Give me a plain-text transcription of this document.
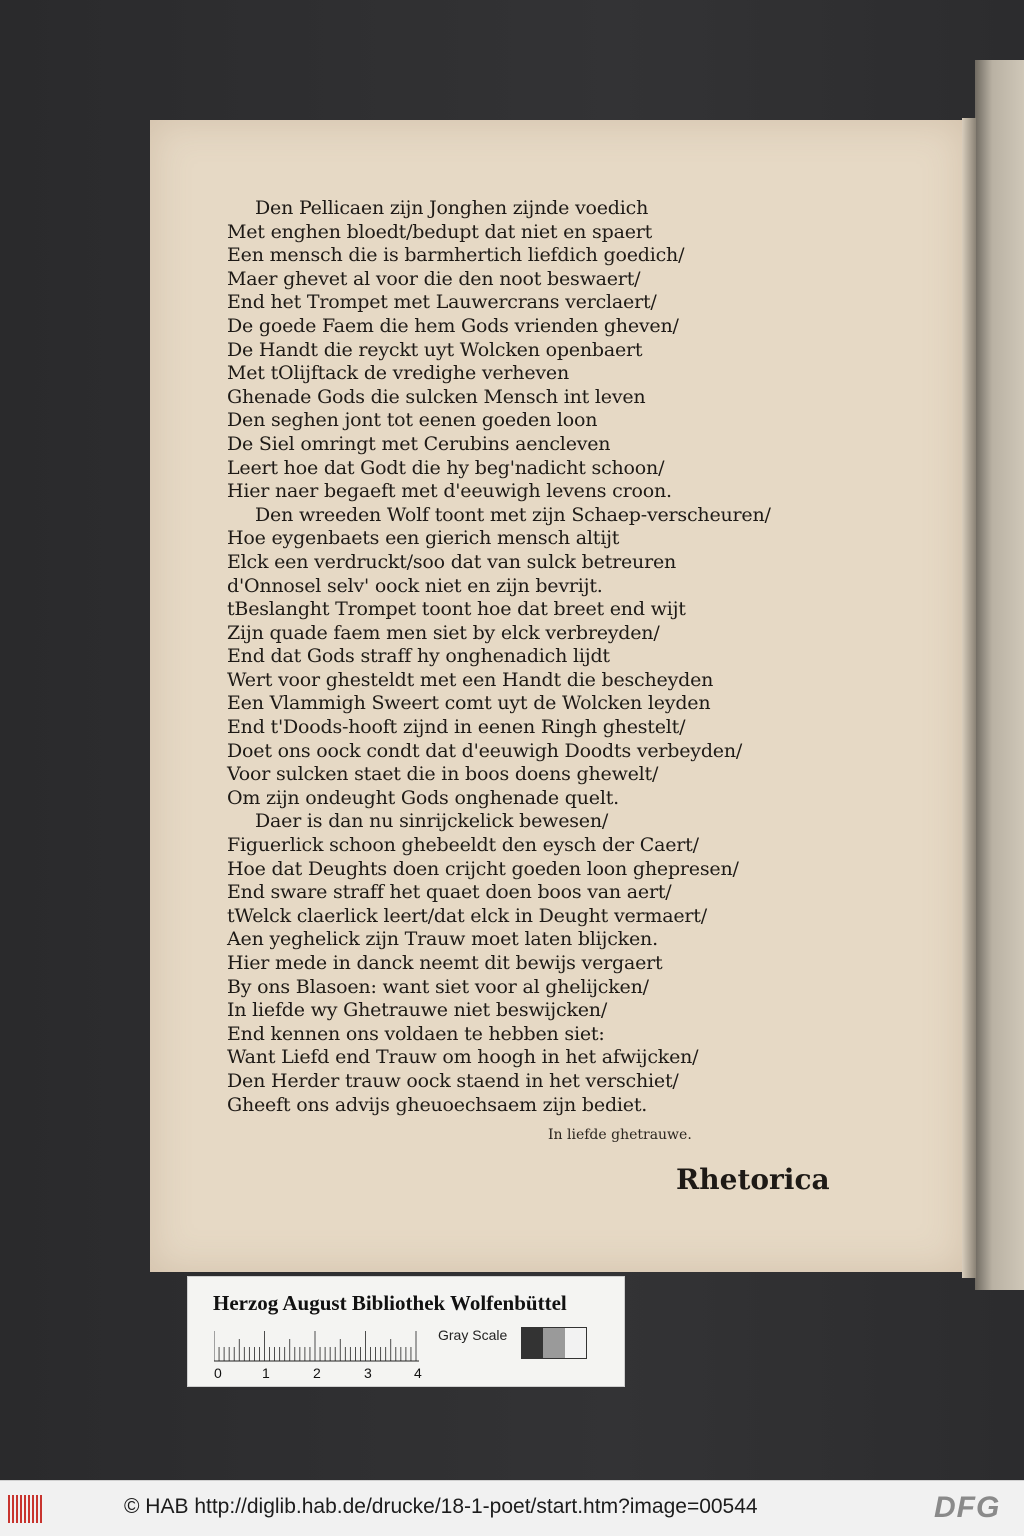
Den Pellicaen zijn Jonghen zijnde voedich
Met enghen bloedt/bedupt dat niet en spaert
Een mensch die is barmhertich liefdich goedich/
Maer ghevet al voor die den noot beswaert/
End het Trompet met Lauwercrans verclaert/
De goede Faem die hem Gods vrienden gheven/
De Handt die reyckt uyt Wolcken openbaert
Met tOlijftack de vredighe verheven
Ghenade Gods die sulcken Mensch int leven
Den seghen jont tot eenen goeden loon
De Siel omringt met Cerubins aencleven
Leert hoe dat Godt die hy beg'nadicht schoon/
Hier naer begaeft met d'eeuwigh levens croon.
Den wreeden Wolf toont met zijn Schaep-verscheuren/
Hoe eygenbaets een gierich mensch altijt
Elck een verdruckt/soo dat van sulck betreuren
d'Onnosel selv' oock niet en zijn bevrijt.
tBeslanght Trompet toont hoe dat breet end wijt
Zijn quade faem men siet by elck verbreyden/
End dat Gods straff hy onghenadich lijdt
Wert voor ghesteldt met een Handt die bescheyden
Een Vlammigh Sweert comt uyt de Wolcken leyden
End t'Doods-hooft zijnd in eenen Ringh ghestelt/
Doet ons oock condt dat d'eeuwigh Doodts verbeyden/
Voor sulcken staet die in boos doens ghewelt/
Om zijn ondeught Gods onghenade quelt.
Daer is dan nu sinrijckelick bewesen/
Figuerlick schoon ghebeeldt den eysch der Caert/
Hoe dat Deughts doen crijcht goeden loon ghepresen/
End sware straff het quaet doen boos van aert/
tWelck claerlick leert/dat elck in Deught vermaert/
Aen yeghelick zijn Trauw moet laten blijcken.
Hier mede in danck neemt dit bewijs vergaert
By ons Blasoen: want siet voor al ghelijcken/
In liefde wy Ghetrauwe niet beswijcken/
End kennen ons voldaen te hebben siet:
Want Liefd end Trauw om hoogh in het afwijcken/
Den Herder trauw oock staend in het verschiet/
Gheeft ons advijs gheuoechsaem zijn bediet.
In liefde ghetrauwe.
Rhetorica
Herzog August Bibliothek Wolfenbüttel
0	1	2	3	4
Gray Scale
© HAB http://diglib.hab.de/drucke/18-1-poet/start.htm?image=00544	DFG
